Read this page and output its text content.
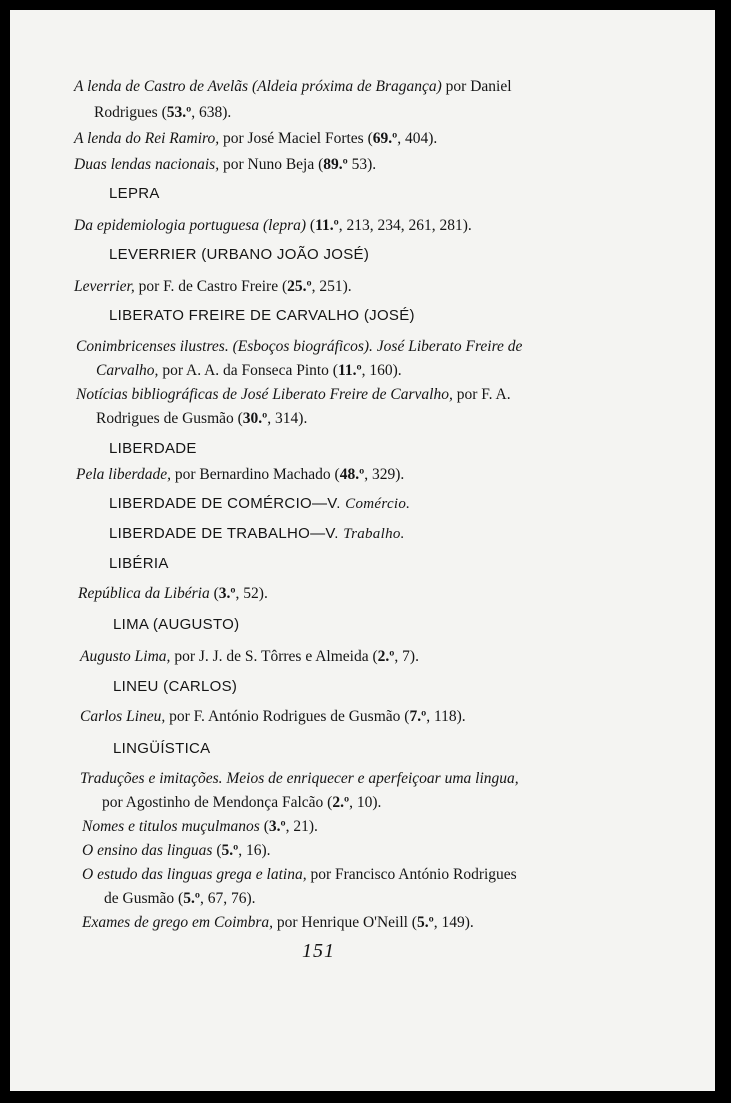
A lenda de Castro de Avelãs (Aldeia próxima de Bragança) por Daniel
Rodrigues (53.º, 638).
A lenda do Rei Ramiro, por José Maciel Fortes (69.º, 404).
Duas lendas nacionais, por Nuno Beja (89.º 53).
LEPRA
Da epidemiologia portuguesa (lepra) (11.º, 213, 234, 261, 281).
LEVERRIER (URBANO JOÃO JOSÉ)
Leverrier, por F. de Castro Freire (25.º, 251).
LIBERATO FREIRE DE CARVALHO (JOSÉ)
Conimbricenses ilustres. (Esboços biográficos). José Liberato Freire de
Carvalho, por A. A. da Fonseca Pinto (11.º, 160).
Notícias bibliográficas de José Liberato Freire de Carvalho, por F. A.
Rodrigues de Gusmão (30.º, 314).
LIBERDADE
Pela liberdade, por Bernardino Machado (48.º, 329).
LIBERDADE DE COMÉRCIO—V. Comércio.
LIBERDADE DE TRABALHO—V. Trabalho.
LIBÉRIA
República da Libéria (3.º, 52).
LIMA (AUGUSTO)
Augusto Lima, por J. J. de S. Tôrres e Almeida (2.º, 7).
LINEU (CARLOS)
Carlos Lineu, por F. António Rodrigues de Gusmão (7.º, 118).
LINGÜÍSTICA
Traduções e imitações. Meios de enriquecer e aperfeiçoar uma lingua,
por Agostinho de Mendonça Falcão (2.º, 10).
Nomes e titulos muçulmanos (3.º, 21).
O ensino das linguas (5.º, 16).
O estudo das linguas grega e latina, por Francisco António Rodrigues
de Gusmão (5.º, 67, 76).
Exames de grego em Coimbra, por Henrique O'Neill (5.º, 149).
151
